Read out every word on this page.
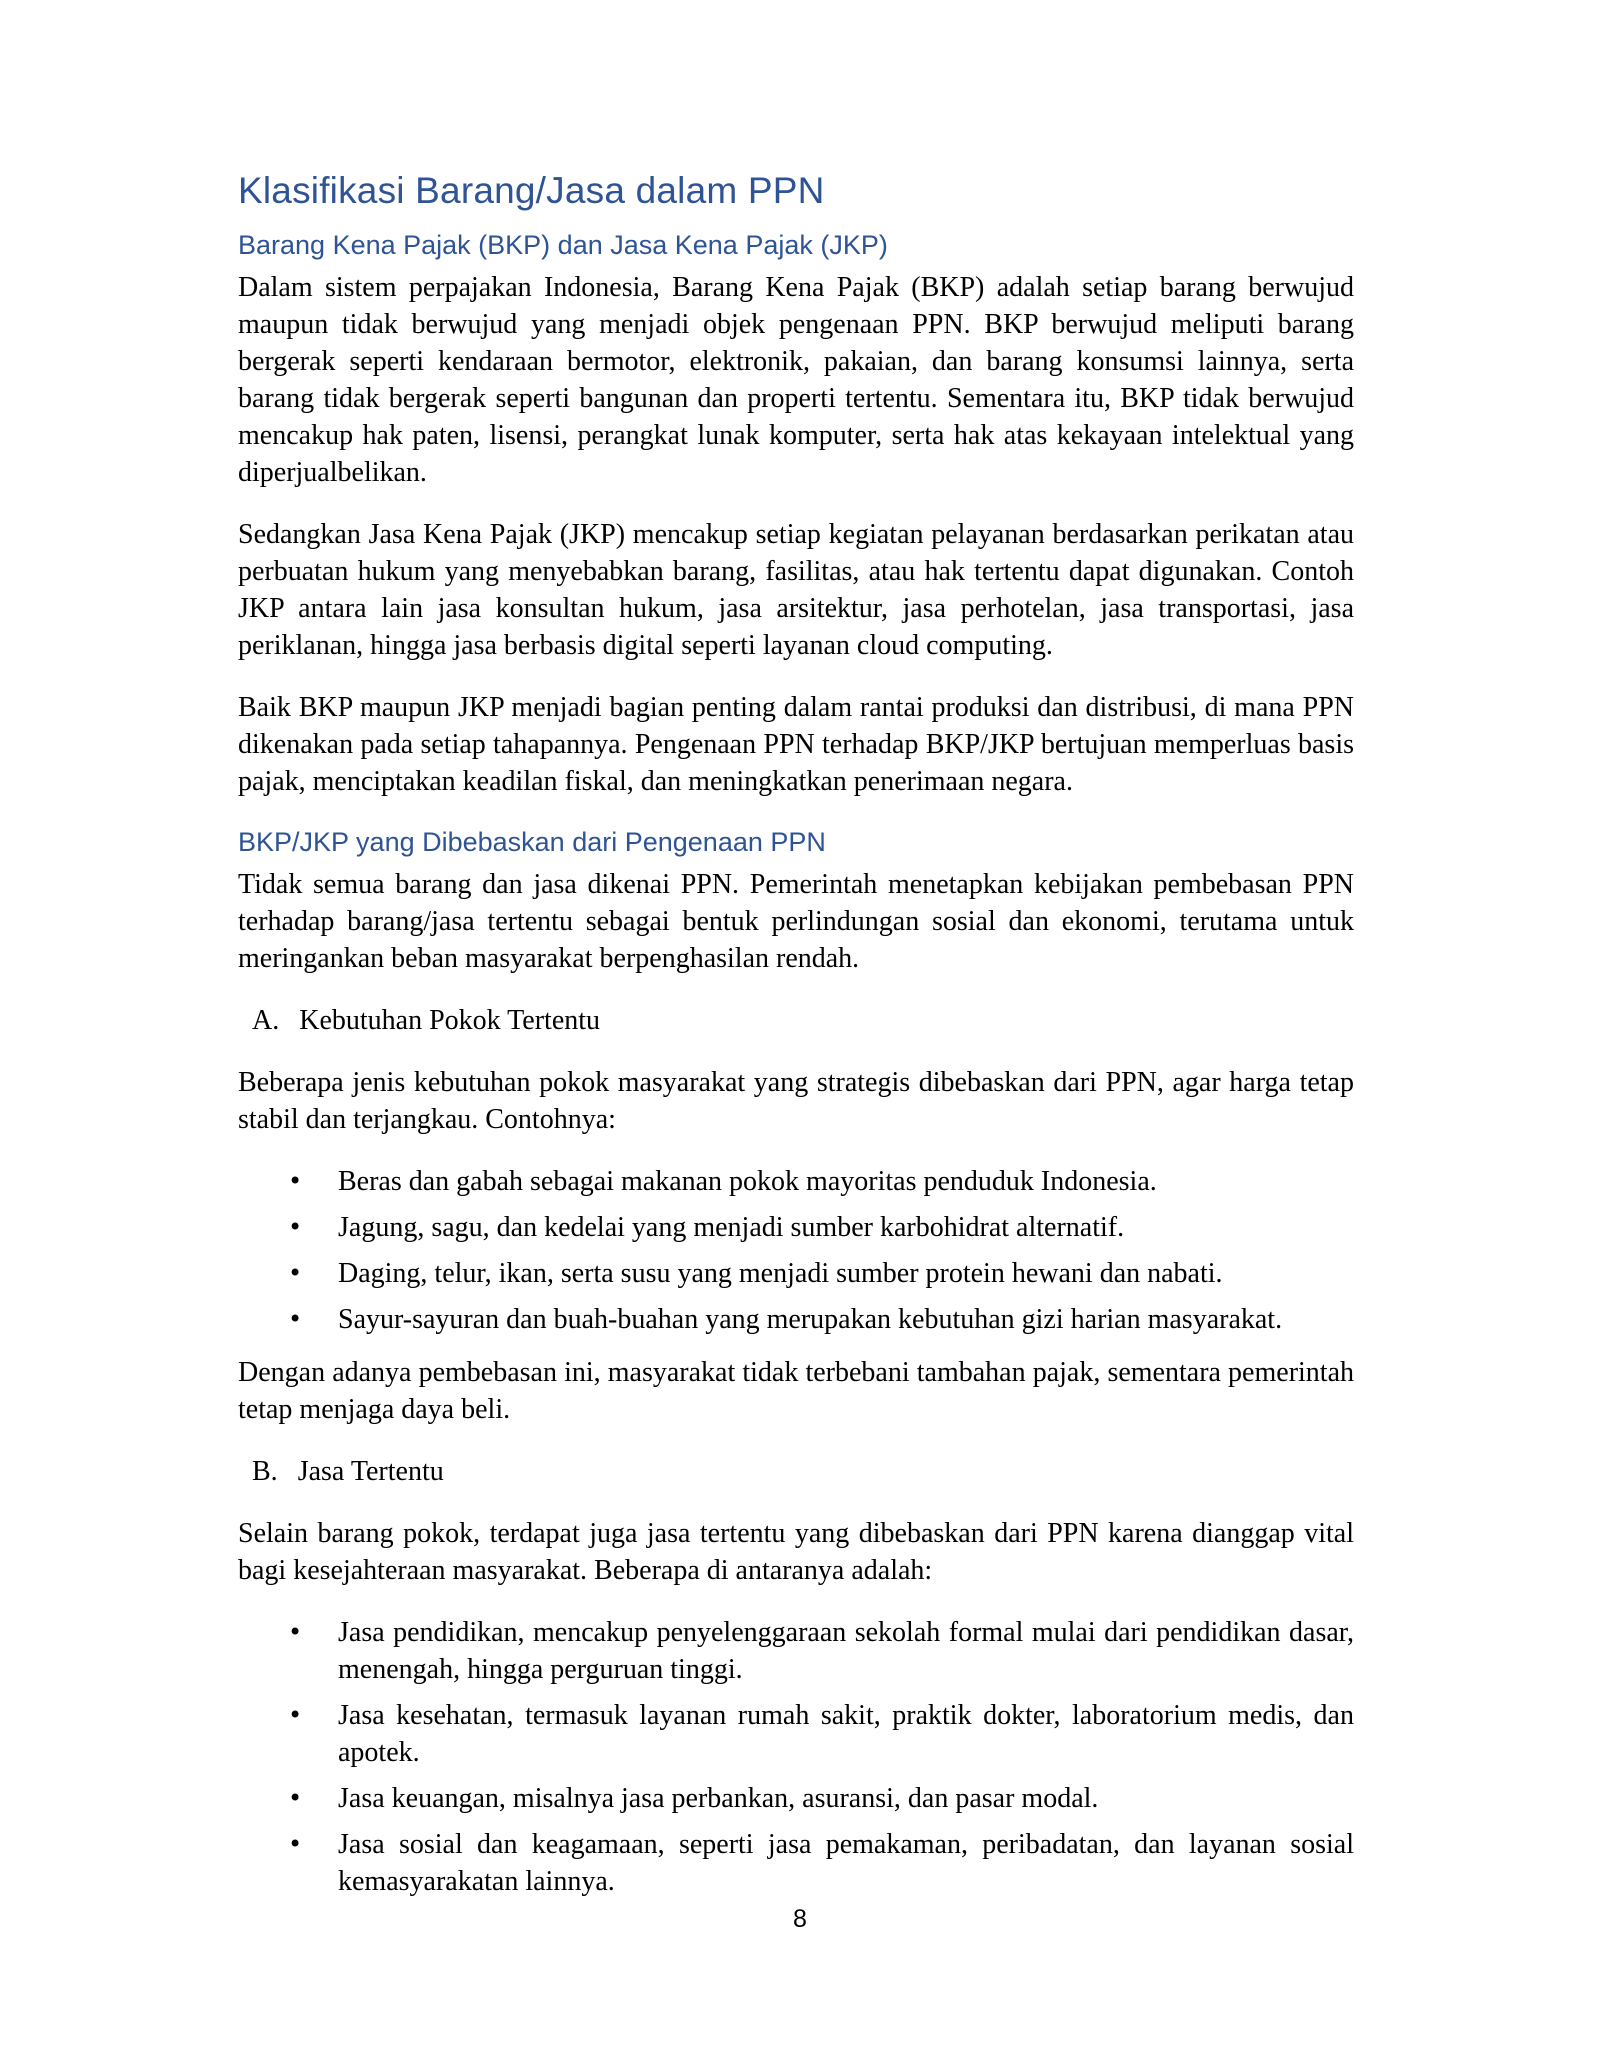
Klasifikasi Barang/Jasa dalam PPN
Barang Kena Pajak (BKP) dan Jasa Kena Pajak (JKP)

Dalam sistem perpajakan Indonesia, Barang Kena Pajak (BKP) adalah setiap barang berwujud maupun tidak berwujud yang menjadi objek pengenaan PPN. BKP berwujud meliputi barang bergerak seperti kendaraan bermotor, elektronik, pakaian, dan barang konsumsi lainnya, serta barang tidak bergerak seperti bangunan dan properti tertentu. Sementara itu, BKP tidak berwujud mencakup hak paten, lisensi, perangkat lunak komputer, serta hak atas kekayaan intelektual yang diperjualbelikan.

Sedangkan Jasa Kena Pajak (JKP) mencakup setiap kegiatan pelayanan berdasarkan perikatan atau perbuatan hukum yang menyebabkan barang, fasilitas, atau hak tertentu dapat digunakan. Contoh JKP antara lain jasa konsultan hukum, jasa arsitektur, jasa perhotelan, jasa transportasi, jasa periklanan, hingga jasa berbasis digital seperti layanan cloud computing.

Baik BKP maupun JKP menjadi bagian penting dalam rantai produksi dan distribusi, di mana PPN dikenakan pada setiap tahapannya. Pengenaan PPN terhadap BKP/JKP bertujuan memperluas basis pajak, menciptakan keadilan fiskal, dan meningkatkan penerimaan negara.

BKP/JKP yang Dibebaskan dari Pengenaan PPN

Tidak semua barang dan jasa dikenai PPN. Pemerintah menetapkan kebijakan pembebasan PPN terhadap barang/jasa tertentu sebagai bentuk perlindungan sosial dan ekonomi, terutama untuk meringankan beban masyarakat berpenghasilan rendah.

A. Kebutuhan Pokok Tertentu

Beberapa jenis kebutuhan pokok masyarakat yang strategis dibebaskan dari PPN, agar harga tetap stabil dan terjangkau. Contohnya:

• Beras dan gabah sebagai makanan pokok mayoritas penduduk Indonesia.
• Jagung, sagu, dan kedelai yang menjadi sumber karbohidrat alternatif.
• Daging, telur, ikan, serta susu yang menjadi sumber protein hewani dan nabati.
• Sayur-sayuran dan buah-buahan yang merupakan kebutuhan gizi harian masyarakat.

Dengan adanya pembebasan ini, masyarakat tidak terbebani tambahan pajak, sementara pemerintah tetap menjaga daya beli.

B. Jasa Tertentu

Selain barang pokok, terdapat juga jasa tertentu yang dibebaskan dari PPN karena dianggap vital bagi kesejahteraan masyarakat. Beberapa di antaranya adalah:

• Jasa pendidikan, mencakup penyelenggaraan sekolah formal mulai dari pendidikan dasar, menengah, hingga perguruan tinggi.
• Jasa kesehatan, termasuk layanan rumah sakit, praktik dokter, laboratorium medis, dan apotek.
• Jasa keuangan, misalnya jasa perbankan, asuransi, dan pasar modal.
• Jasa sosial dan keagamaan, seperti jasa pemakaman, peribadatan, dan layanan sosial kemasyarakatan lainnya.
8
